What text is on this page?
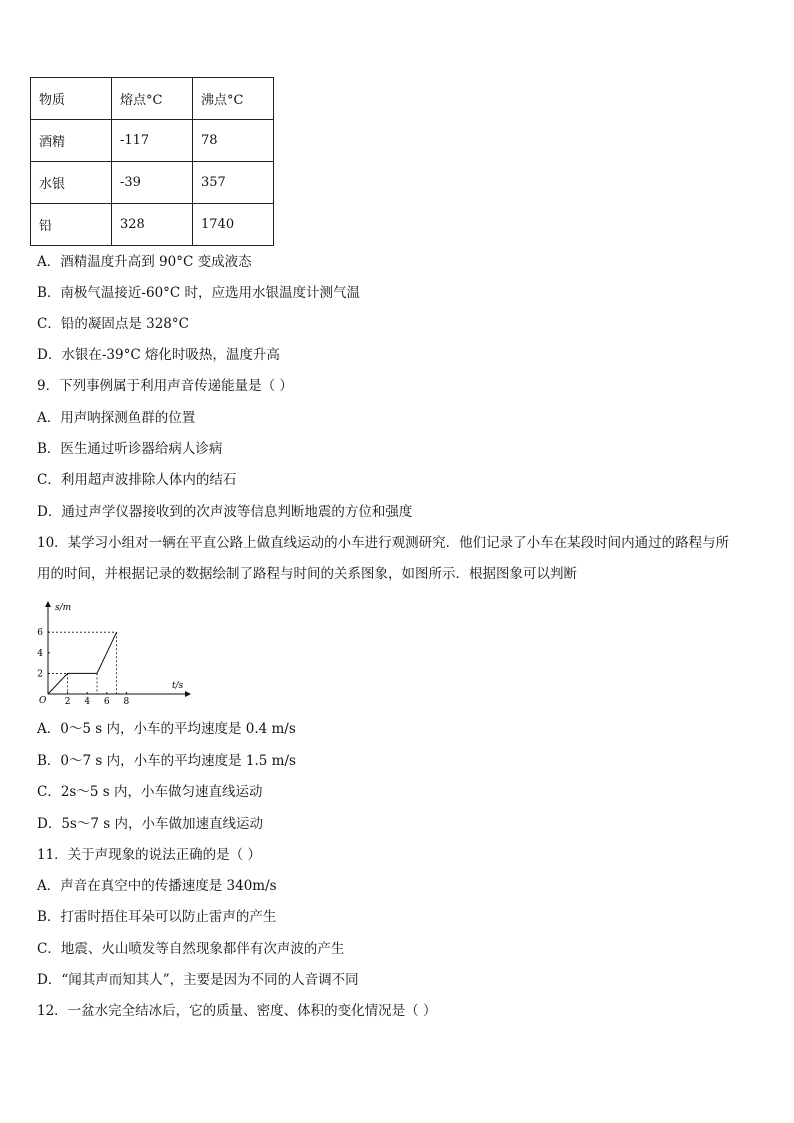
物质	熔点°C	沸点°C
酒精	-117	78
水银	-39	357
铅	328	1740
A．酒精温度升高到 90°C 变成液态
B．南极气温接近-60°C 时，应选用水银温度计测气温
C．铅的凝固点是 328°C
D．水银在-39°C 熔化时吸热，温度升高
9．下列事例属于利用声音传递能量是（ ）
A．用声呐探测鱼群的位置
B．医生通过听诊器给病人诊病
C．利用超声波排除人体内的结石
D．通过声学仪器接收到的次声波等信息判断地震的方位和强度
10．某学习小组对一辆在平直公路上做直线运动的小车进行观测研究．他们记录了小车在某段时间内通过的路程与所
用的时间，并根据记录的数据绘制了路程与时间的关系图象，如图所示．根据图象可以判断
2 4 6 8
2
4
6
s/m
t/s
O
A．0～5 s 内，小车的平均速度是 0.4 m/s
B．0～7 s 内，小车的平均速度是 1.5 m/s
C．2s～5 s 内，小车做匀速直线运动
D．5s～7 s 内，小车做加速直线运动
11．关于声现象的说法正确的是（ ）
A．声音在真空中的传播速度是 340m/s
B．打雷时捂住耳朵可以防止雷声的产生
C．地震、火山喷发等自然现象都伴有次声波的产生
D．“闻其声而知其人”，主要是因为不同的人音调不同
12．一盆水完全结冰后，它的质量、密度、体积的变化情况是（ ）
